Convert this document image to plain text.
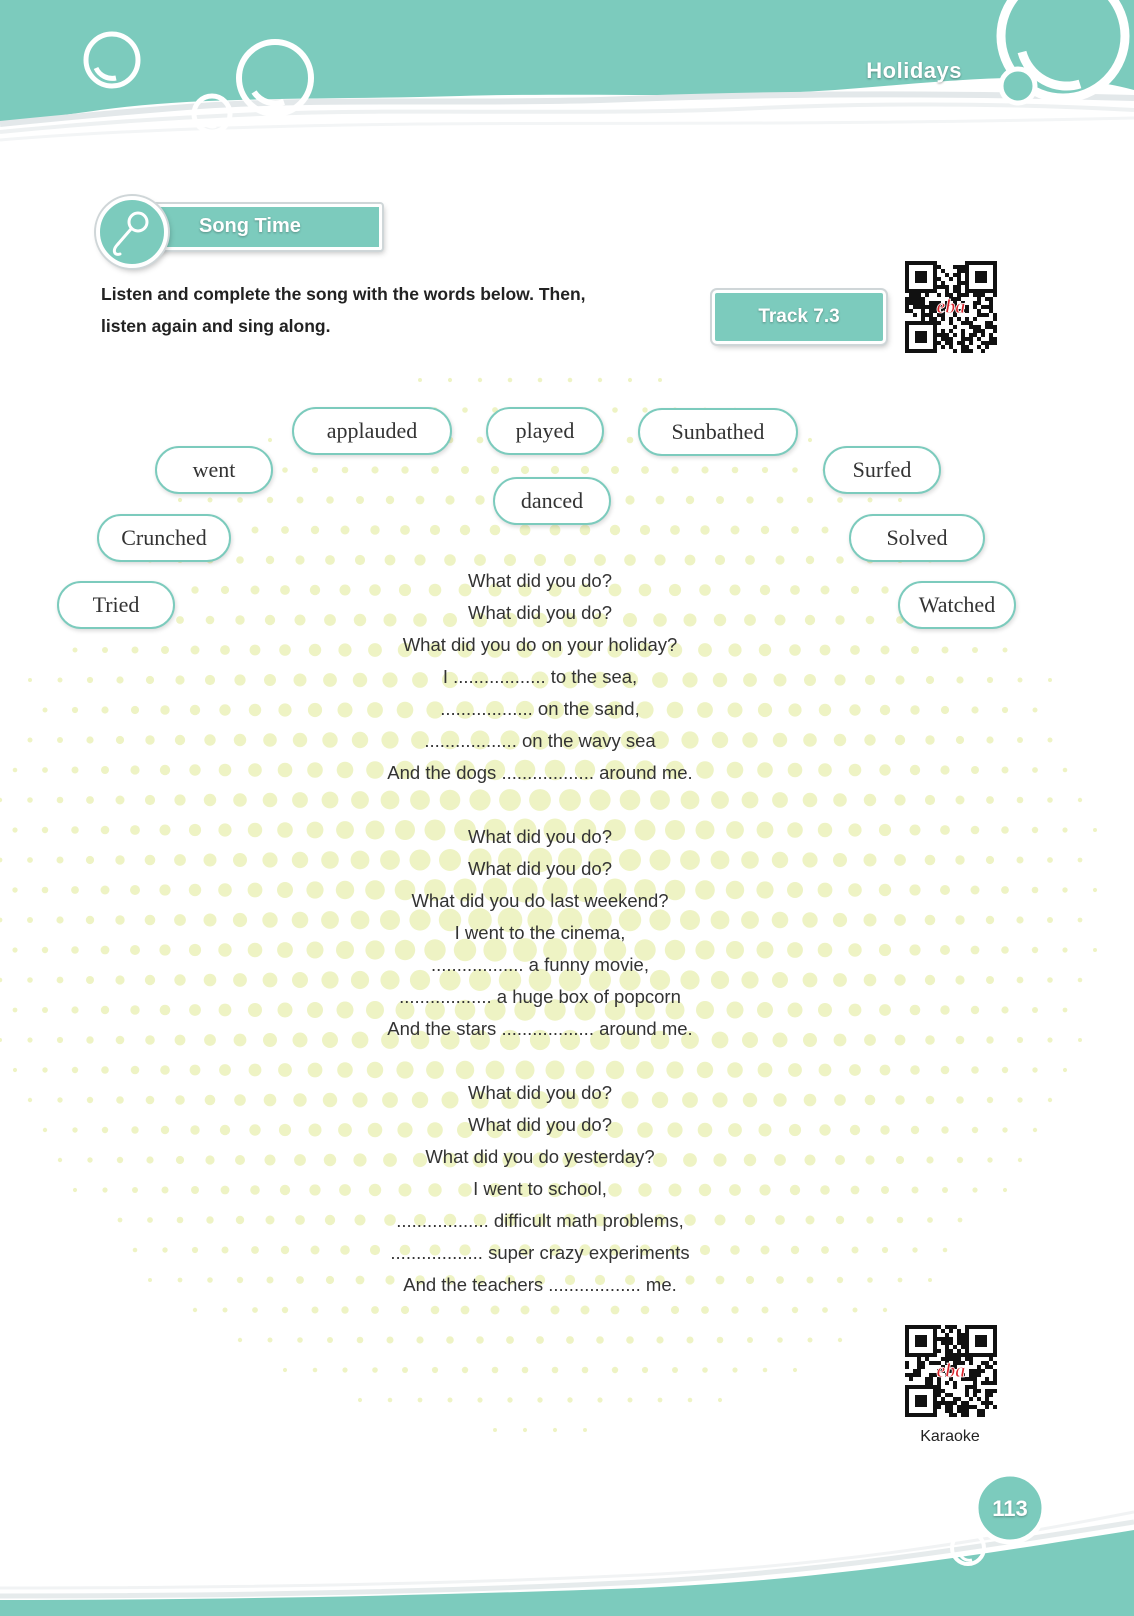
Holidays
Song Time
Listen and complete the song with the words below. Then,
listen again and sing along.	Track 7.3	eba
applauded	played	Sunbathed
went	Surfed
danced
Crunched	Solved
Tried	Watched
What did you do?
What did you do?
What did you do on your holiday?
I .................. to the sea,
.................. on the sand,
.................. on the wavy sea
And the dogs .................. around me.
What did you do?
What did you do?
What did you do last weekend?
I went to the cinema,
.................. a funny movie,
.................. a huge box of popcorn
And the stars .................. around me.
What did you do?
What did you do?
What did you do yesterday?
I went to school,
.................. difficult math problems,
.................. super crazy experiments
And the teachers .................. me.
eba
Karaoke
113
